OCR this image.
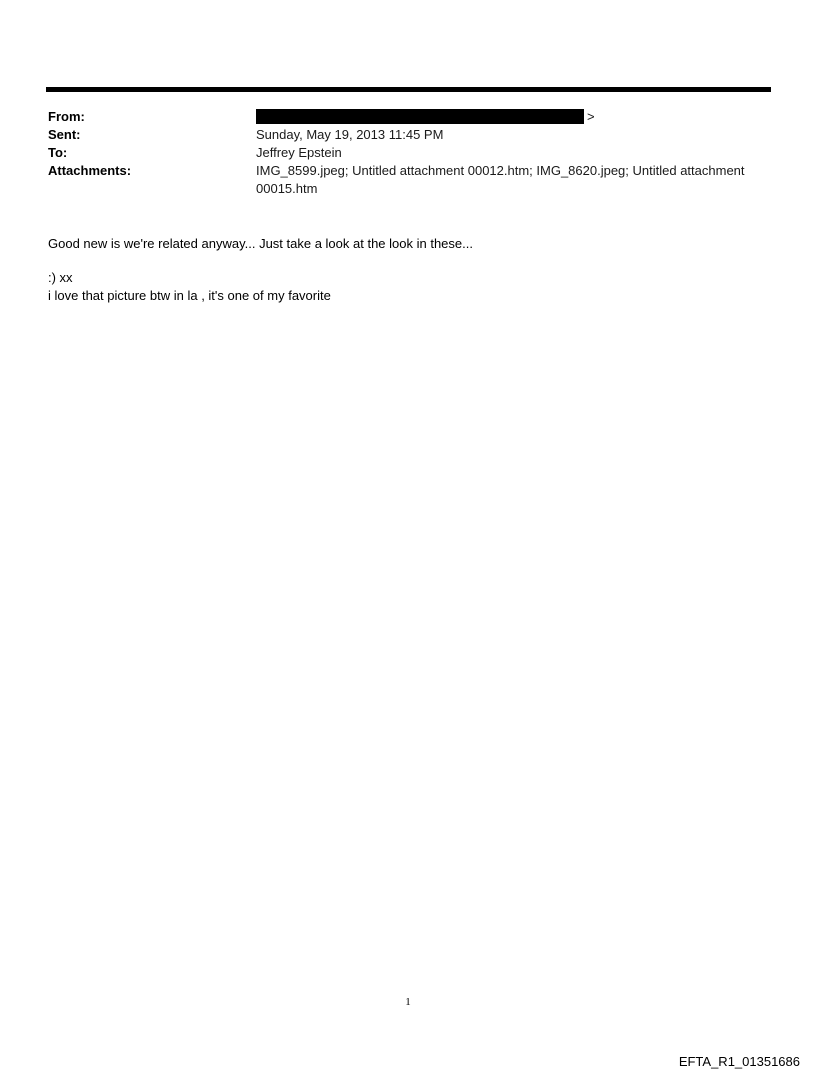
From:	>
Sent:	Sunday, May 19, 2013 11:45 PM
To:	Jeffrey Epstein
Attachments:	IMG_8599.jpeg; Untitled attachment 00012.htm; IMG_8620.jpeg; Untitled attachment 00015.htm

Good new is we're related anyway... Just take a look at the look in these...

:) xx

i love that picture btw in la , it's one of my favorite

1
EFTA_R1_01351686
